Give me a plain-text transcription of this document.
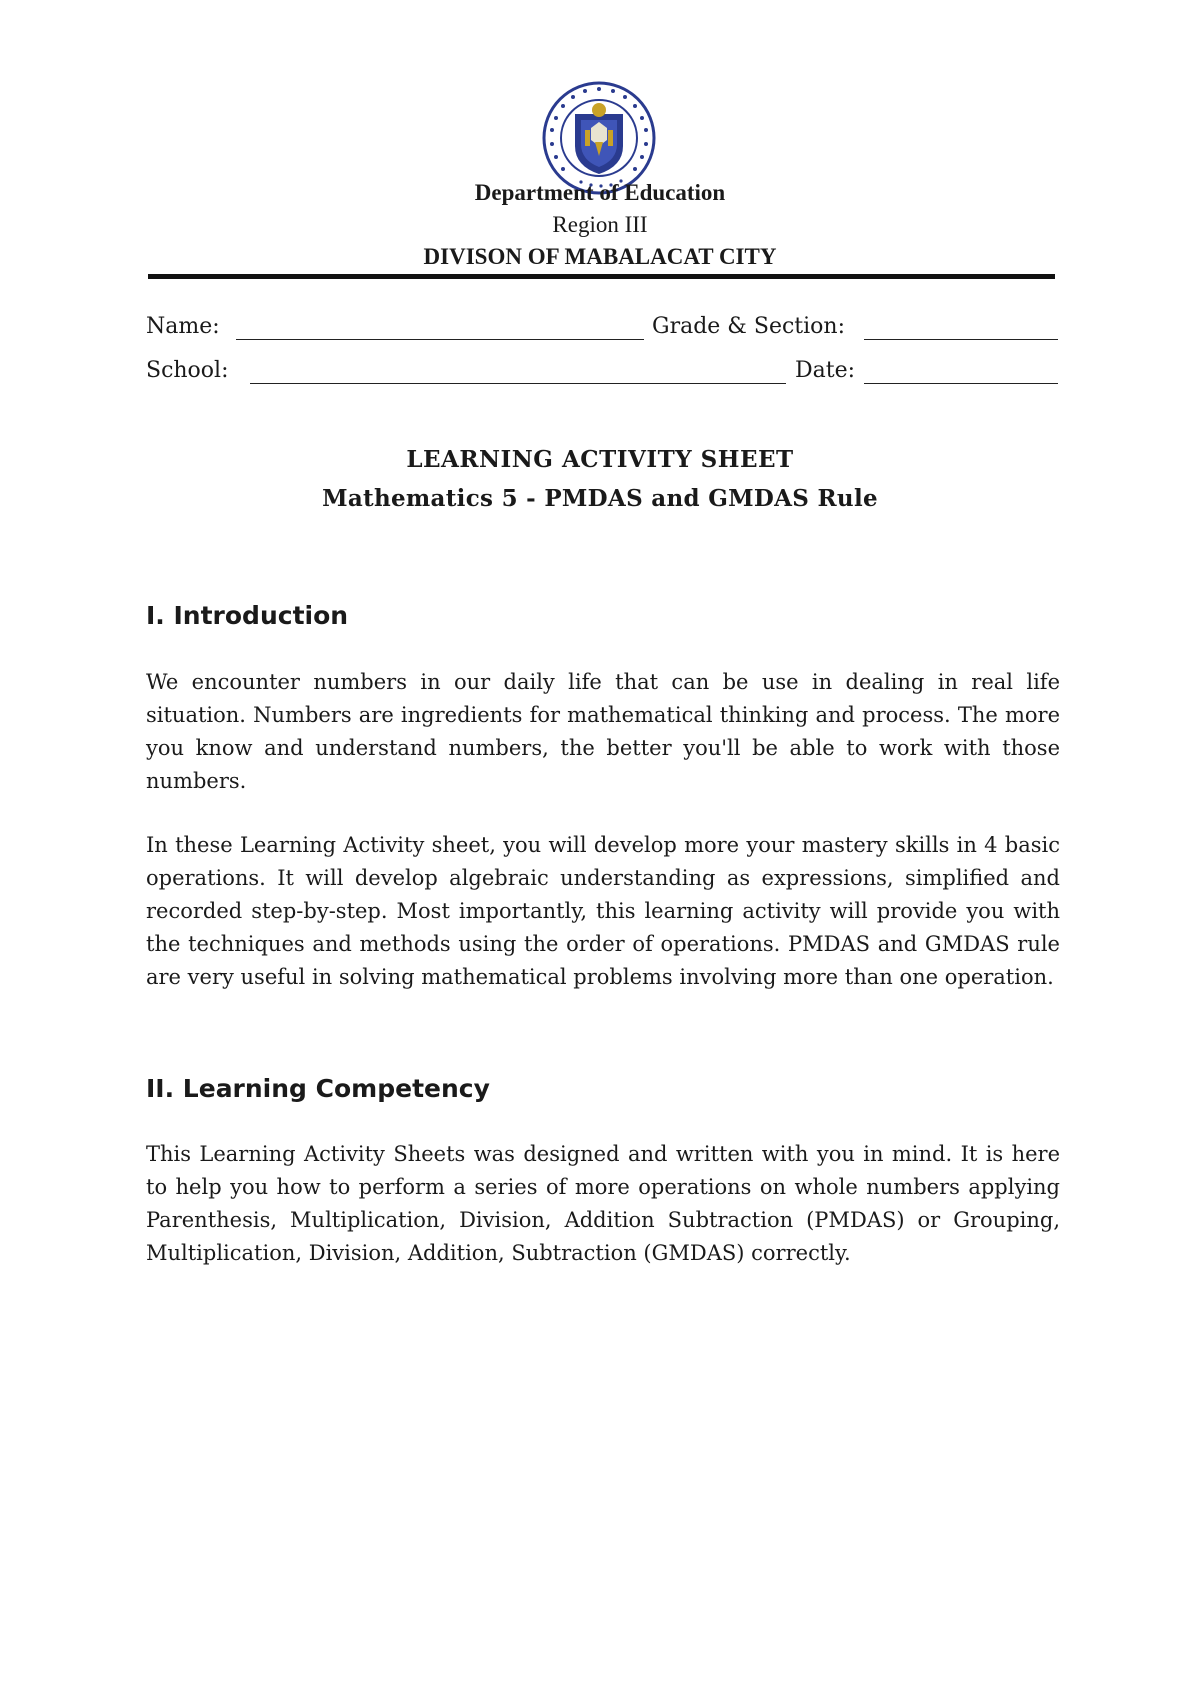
Department of Education
Region III
DIVISON OF MABALACAT CITY
Name:	Grade & Section:
School:	Date:
LEARNING ACTIVITY SHEET
Mathematics 5 - PMDAS and GMDAS Rule
I. Introduction
We encounter numbers in our daily life that can be use in dealing in real life situation. Numbers are ingredients for mathematical thinking and process. The more you know and understand numbers, the better you'll be able to work with those numbers.
In these Learning Activity sheet, you will develop more your mastery skills in 4 basic operations. It will develop algebraic understanding as expressions, simplified and recorded step-by-step. Most importantly, this learning activity will provide you with the techniques and methods using the order of operations. PMDAS and GMDAS rule are very useful in solving mathematical problems involving more than one operation.
II. Learning Competency
This Learning Activity Sheets was designed and written with you in mind. It is here to help you how to perform a series of more operations on whole numbers applying Parenthesis, Multiplication, Division, Addition Subtraction (PMDAS) or Grouping, Multiplication, Division, Addition, Subtraction (GMDAS) correctly.
